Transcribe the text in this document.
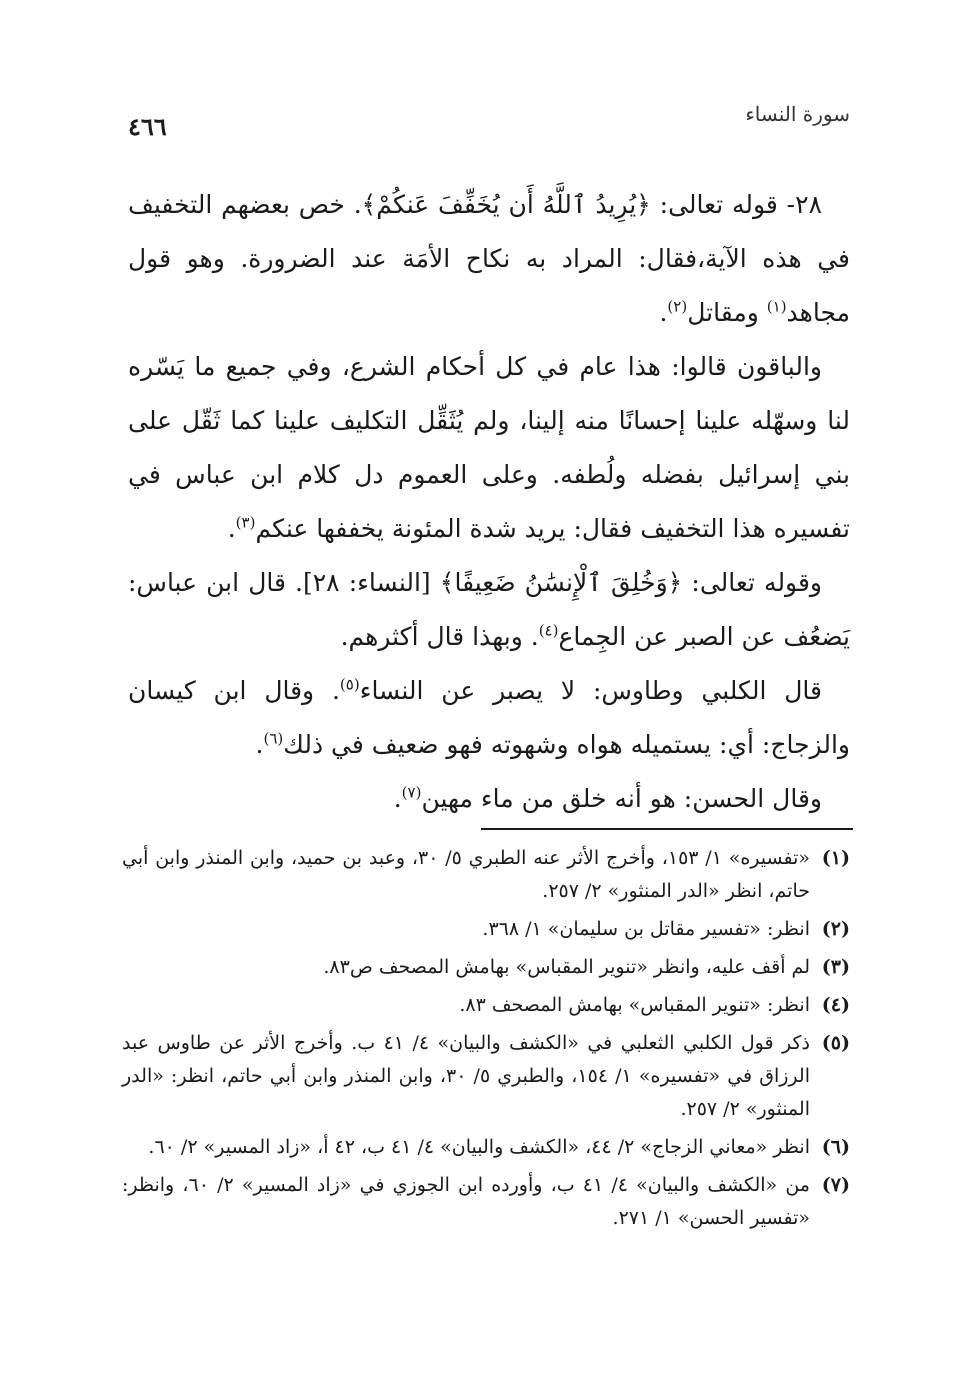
سورة النساء
٤٦٦

٢٨- قوله تعالى: ﴿يُرِيدُ ٱللَّهُ أَن يُخَفِّفَ عَنكُمْ﴾. خص بعضهم التخفيف في هذه الآية،فقال: المراد به نكاح الأمَة عند الضرورة. وهو قول مجاهد$^{(١)}$ ومقاتل$^{(٢)}$.

والباقون قالوا: هذا عام في كل أحكام الشرع، وفي جميع ما يَسّره لنا وسهّله علينا إحسانًا منه إلينا، ولم يُثَقِّل التكليف علينا كما ثَقّل على بني إسرائيل بفضله ولُطفه. وعلى العموم دل كلام ابن عباس في تفسيره هذا التخفيف فقال: يريد شدة المئونة يخففها عنكم$^{(٣)}$.

وقوله تعالى: ﴿وَخُلِقَ ٱلْإِنسَٰنُ ضَعِيفًا﴾ [النساء: ٢٨]. قال ابن عباس: يَضعُف عن الصبر عن الجِماع$^{(٤)}$. وبهذا قال أكثرهم.

قال الكلبي وطاوس: لا يصبر عن النساء$^{(٥)}$. وقال ابن كيسان والزجاج: أي: يستميله هواه وشهوته فهو ضعيف في ذلك$^{(٦)}$.

وقال الحسن: هو أنه خلق من ماء مهين$^{(٧)}$.

(١)
«تفسيره» ١/ ١٥٣، وأخرج الأثر عنه الطبري ٥/ ٣٠، وعبد بن حميد، وابن المنذر وابن أبي حاتم، انظر «الدر المنثور» ٢/ ٢٥٧.
(٢)
انظر: «تفسير مقاتل بن سليمان» ١/ ٣٦٨.
(٣)
لم أقف عليه، وانظر «تنوير المقباس» بهامش المصحف ص٨٣.
(٤)
انظر: «تنوير المقباس» بهامش المصحف ٨٣.
(٥)
ذكر قول الكلبي الثعلبي في «الكشف والبيان» ٤/ ٤١ ب. وأخرج الأثر عن طاوس عبد الرزاق في «تفسيره» ١/ ١٥٤، والطبري ٥/ ٣٠، وابن المنذر وابن أبي حاتم، انظر: «الدر المنثور» ٢/ ٢٥٧.
(٦)
انظر «معاني الزجاج» ٢/ ٤٤، «الكشف والبيان» ٤/ ٤١ ب، ٤٢ أ، «زاد المسير» ٢/ ٦٠.
(٧)
من «الكشف والبيان» ٤/ ٤١ ب، وأورده ابن الجوزي في «زاد المسير» ٢/ ٦٠، وانظر: «تفسير الحسن» ١/ ٢٧١.
